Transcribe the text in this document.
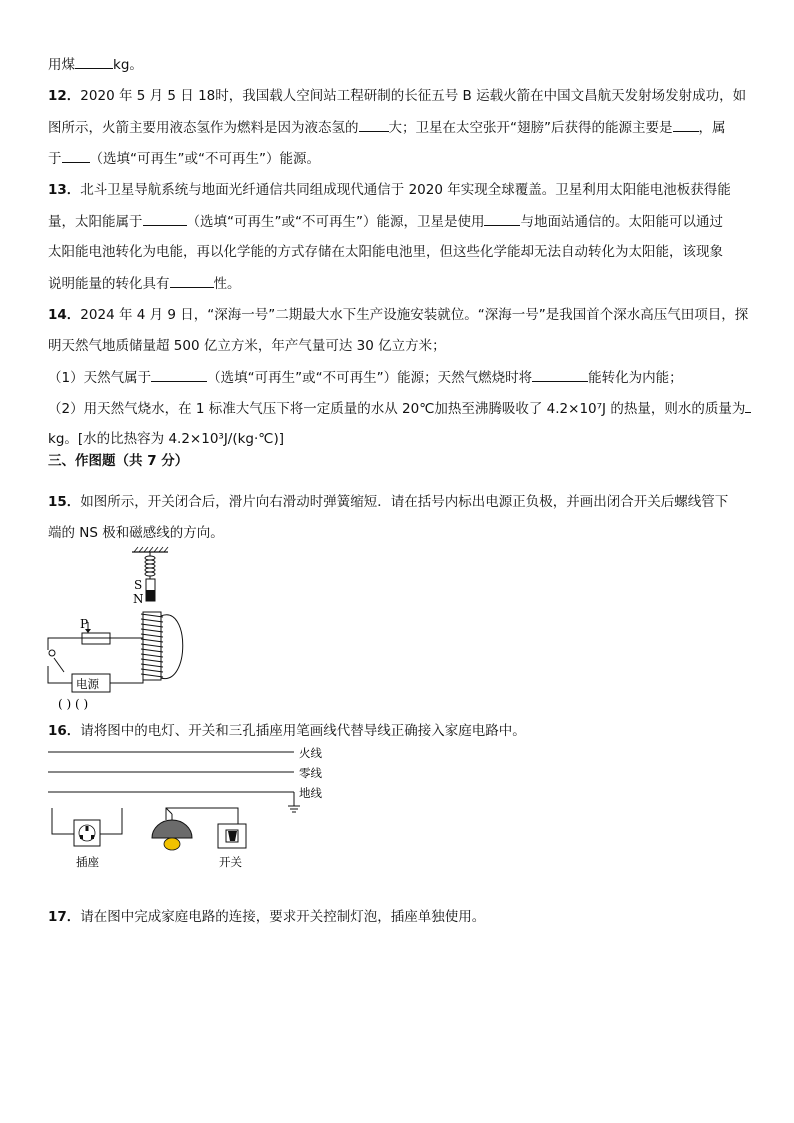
用煤	kg。
12．2020 年 5 月 5 日 18时，我国载人空间站工程研制的长征五号 B 运载火箭在中国文昌航天发射场发射成功，如
图所示，火箭主要用液态氢作为燃料是因为液态氢的 大；卫星在太空张开“翅膀”后获得的能源主要是 ，属
于 （选填“可再生”或“不可再生”）能源。
13．北斗卫星导航系统与地面光纤通信共同组成现代通信于 2020 年实现全球覆盖。卫星利用太阳能电池板获得能
量，太阳能属于	（选填“可再生”或“不可再生”）能源，卫星是使用	与地面站通信的。太阳能可以通过
太阳能电池转化为电能，再以化学能的方式存储在太阳能电池里，但这些化学能却无法自动转化为太阳能，该现象
说明能量的转化具有	性。
14．2024 年 4 月 9 日，“深海一号”二期最大水下生产设施安装就位。“深海一号”是我国首个深水高压气田项目，探
明天然气地质储量超 500 亿立方米，年产气量可达 30 亿立方米；
（1）天然气属于	（选填“可再生”或“不可再生”）能源；天然气燃烧时将	能转化为内能；
（2）用天然气烧水，在 1 标准大气压下将一定质量的水从 20℃加热至沸腾吸收了 4.2×10⁷J 的热量，则水的质量为
kg。[水的比热容为 4.2×10³J/(kg·℃)]
三、作图题（共 7 分）
15．如图所示，开关闭合后，滑片向右滑动时弹簧缩短．请在括号内标出电源正负极，并画出闭合开关后螺线管下
端的 NS 极和磁感线的方向。
S
N
P
电源
( ) ( )
16．请将图中的电灯、开关和三孔插座用笔画线代替导线正确接入家庭电路中。
火线
零线
地线
插座	开关
17．请在图中完成家庭电路的连接，要求开关控制灯泡，插座单独使用。
